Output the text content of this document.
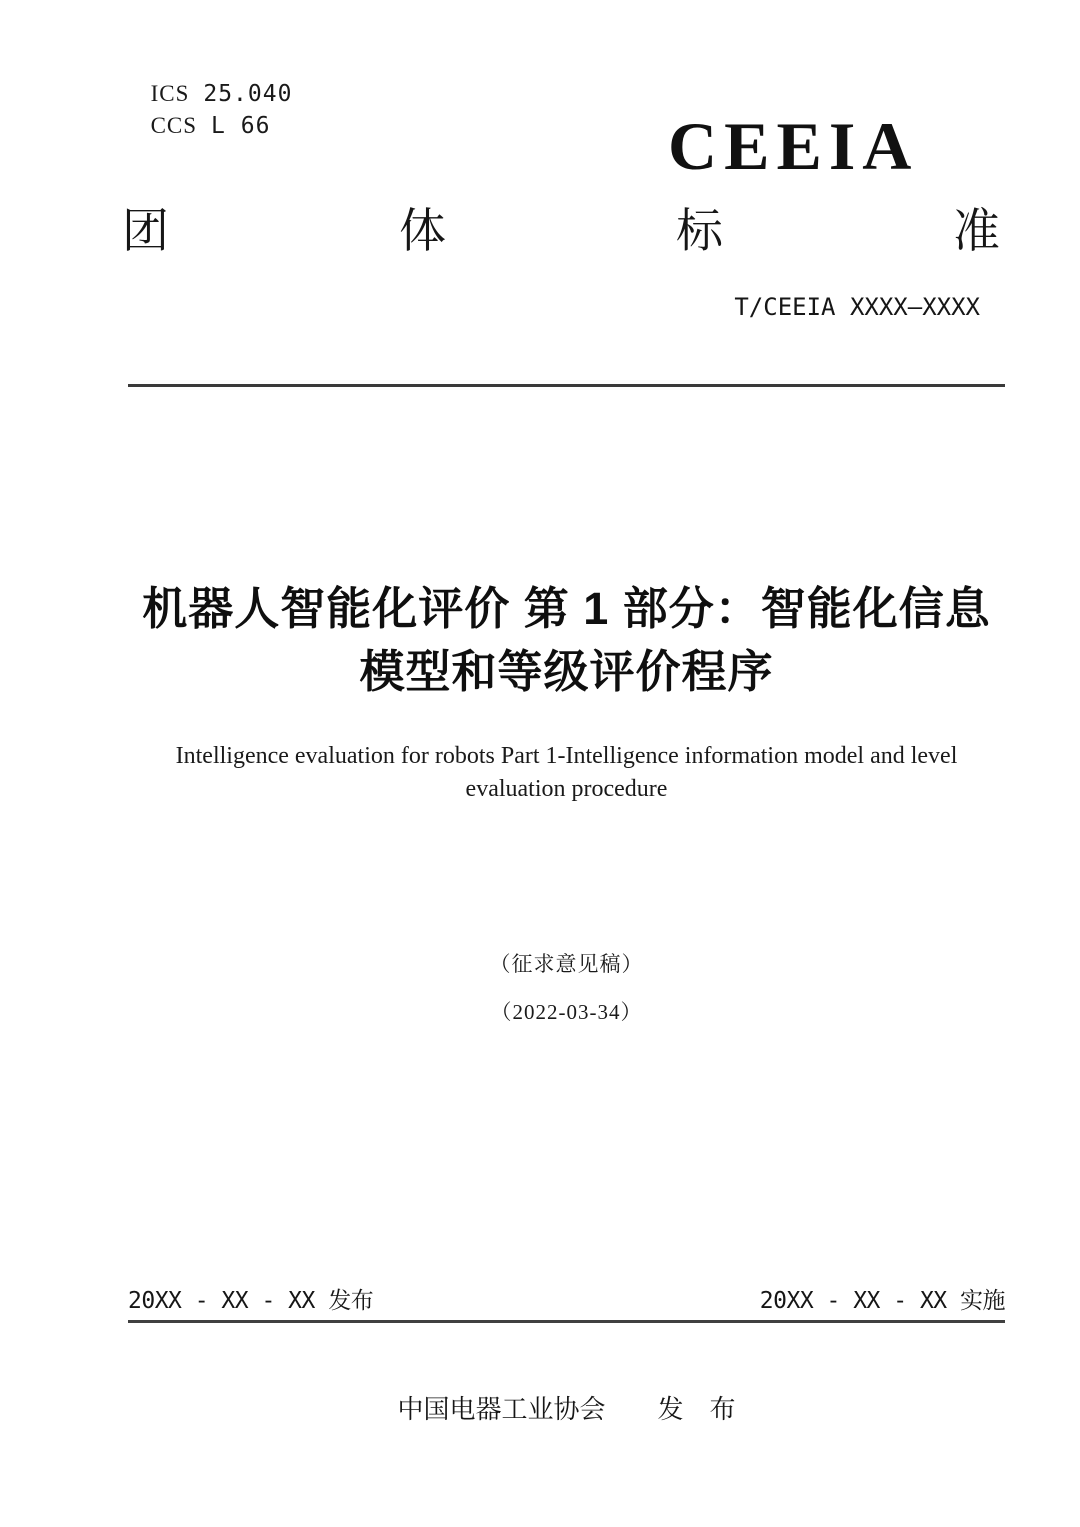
ICS 25.040

CCS L 66
	CEEIA
团	体	标	准
T/CEEIA XXXX—XXXX
机器人智能化评价 第 1 部分：智能化信息
模型和等级评价程序
Intelligence evaluation for robots Part 1-Intelligence information model and level
evaluation procedure
（征求意见稿）
（2022-03-34）
20XX - XX - XX 发布	20XX - XX - XX 实施
中国电器工业协会　　发　布
